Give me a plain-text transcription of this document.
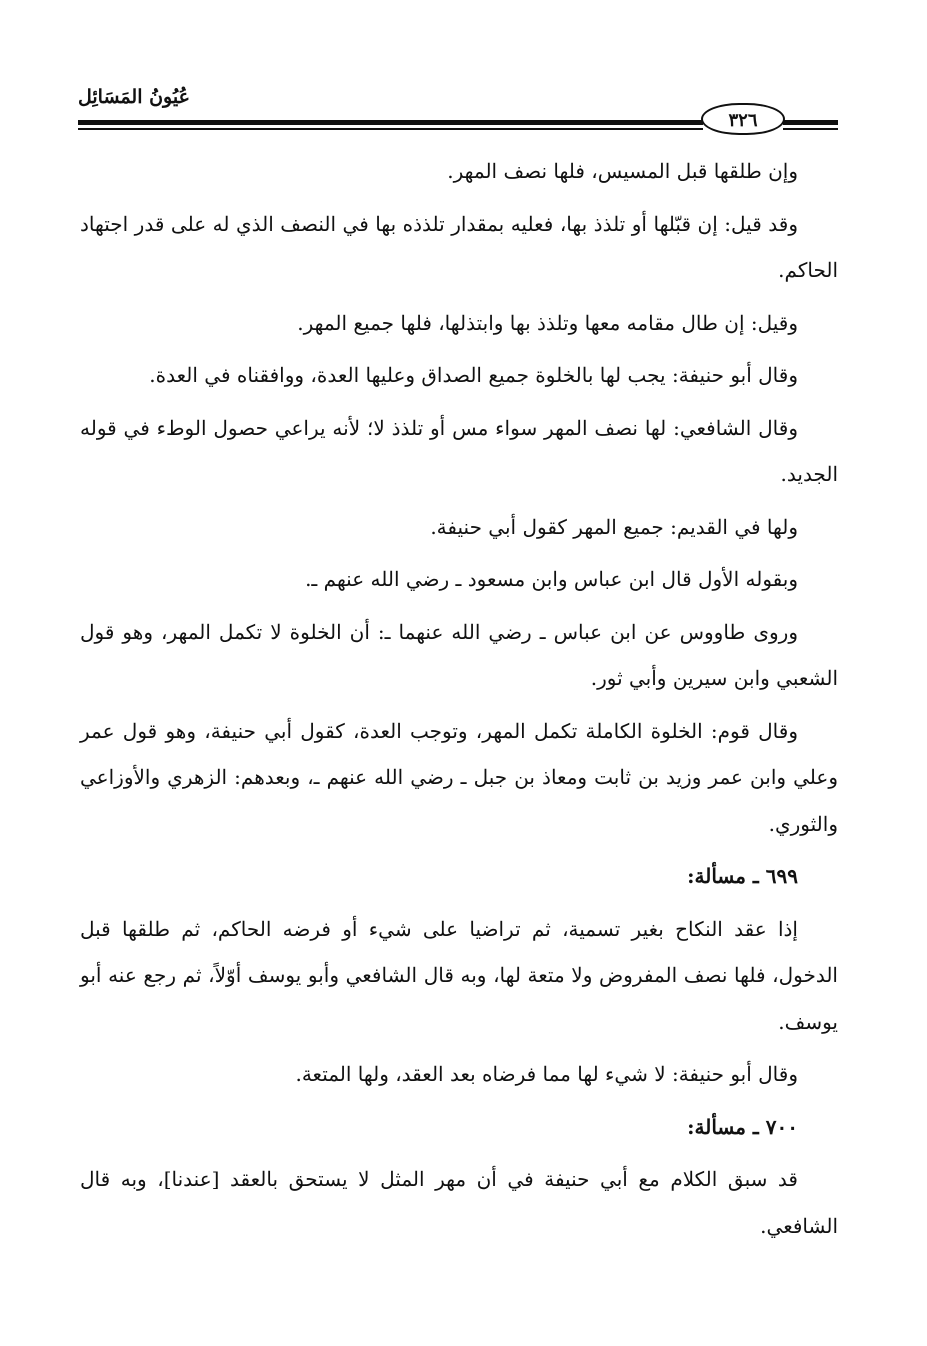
عُيُونُ المَسَائِل
٣٢٦

وإن طلقها قبل المسيس، فلها نصف المهر.

وقد قيل: إن قبّلها أو تلذذ بها، فعليه بمقدار تلذذه بها في النصف الذي له على قدر اجتهاد الحاكم.

وقيل: إن طال مقامه معها وتلذذ بها وابتذلها، فلها جميع المهر.

وقال أبو حنيفة: يجب لها بالخلوة جميع الصداق وعليها العدة، ووافقناه في العدة.

وقال الشافعي: لها نصف المهر سواء مس أو تلذذ لا؛ لأنه يراعي حصول الوطء في قوله الجديد.

ولها في القديم: جميع المهر كقول أبي حنيفة.

وبقوله الأول قال ابن عباس وابن مسعود ـ رضي الله عنهم ـ.

وروى طاووس عن ابن عباس ـ رضي الله عنهما ـ: أن الخلوة لا تكمل المهر، وهو قول الشعبي وابن سيرين وأبي ثور.

وقال قوم: الخلوة الكاملة تكمل المهر، وتوجب العدة، كقول أبي حنيفة، وهو قول عمر وعلي وابن عمر وزيد بن ثابت ومعاذ بن جبل ـ رضي الله عنهم ـ، وبعدهم: الزهري والأوزاعي والثوري.

٦٩٩ ـ مسألة:

إذا عقد النكاح بغير تسمية، ثم تراضيا على شيء أو فرضه الحاكم، ثم طلقها قبل الدخول، فلها نصف المفروض ولا متعة لها، وبه قال الشافعي وأبو يوسف أوّلاً، ثم رجع عنه أبو يوسف.

وقال أبو حنيفة: لا شيء لها مما فرضاه بعد العقد، ولها المتعة.

٧٠٠ ـ مسألة:

قد سبق الكلام مع أبي حنيفة في أن مهر المثل لا يستحق بالعقد [عندنا]، وبه قال الشافعي.
